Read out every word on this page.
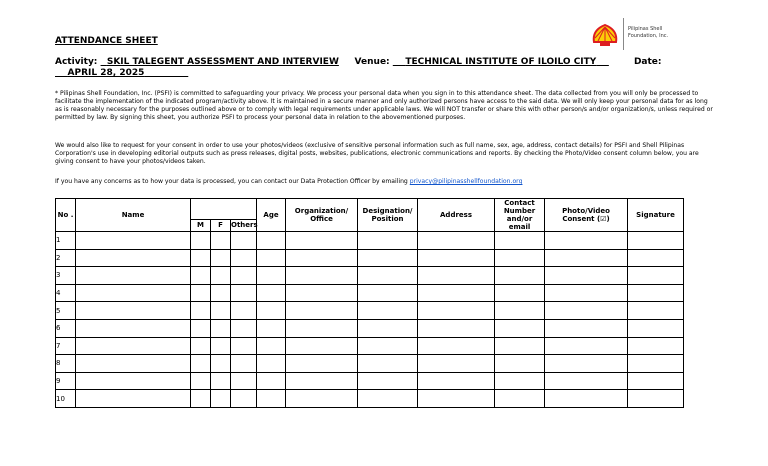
Pilipinas Shell
Foundation, Inc.
ATTENDANCE SHEET
Activity: SKIL TALEGENT ASSESSMENT AND INTERVIEW Venue: TECHNICAL INSTITUTE OF ILOILO CITY	Date:
APRIL 28, 2025
* Pilipinas Shell Foundation, Inc. (PSFI) is committed to safeguarding your privacy. We process your personal data when you sign in to this attendance sheet. The data collected from you will only be processed to facilitate the implementation of the indicated program/activity above. It is maintained in a secure manner and only authorized persons have access to the said data. We will only keep your personal data for as long as is reasonably necessary for the purposes outlined above or to comply with legal requirements under applicable laws. We will NOT transfer or share this with other person/s and/or organization/s, unless required or permitted by law. By signing this sheet, you authorize PSFI to process your personal data in relation to the abovementioned purposes.
We would also like to request for your consent in order to use your photos/videos (exclusive of sensitive personal information such as full name, sex, age, address, contact details) for PSFI and Shell Pilipinas Corporation's use in developing editorial outputs such as press releases, digital posts, websites, publications, electronic communications and reports. By checking the Photo/Video consent column below, you are giving consent to have your photos/videos taken.
If you have any concerns as to how your data is processed, you can contact our Data Protection Officer by emailing privacy@pilipinasshellfoundation.org
No .	Name				Age	Organization/ Office	Designation/ Position	Address	Contact Number and/or email	Photo/Video Consent (☑)	Signature
		M	F	Others							
1											
2											
3											
4											
5											
6											
7											
8											
9											
10											
